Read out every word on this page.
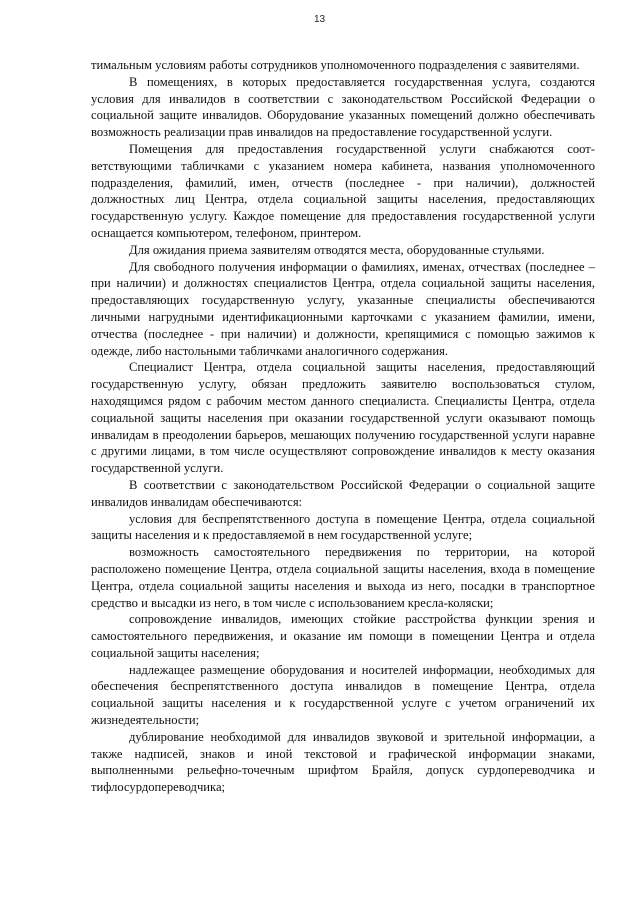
13

тимальным условиям работы сотрудников уполномоченного подразделения с заявителями.

В помещениях, в которых предоставляется государственная услуга, создаются условия для инвалидов в соответствии с законодательством Российской Федерации о социальной защите инвалидов. Оборудование указанных помещений должно обеспечивать возможность реализации прав инвалидов на предоставление государственной услуги.

Помещения для предоставления государственной услуги снабжаются соответствующими табличками с указанием номера кабинета, названия уполномоченного подразделения, фамилий, имен, отчеств (последнее - при наличии), должностей должностных лиц Центра, отдела социальной защиты населения, предоставляющих государственную услугу. Каждое помещение для предоставления государственной услуги оснащается компьютером, телефоном, принтером.

Для ожидания приема заявителям отводятся места, оборудованные стульями.

Для свободного получения информации о фамилиях, именах, отчествах (последнее – при наличии) и должностях специалистов Центра, отдела социальной защиты населения, предоставляющих государственную услугу, указанные специалисты обеспечиваются личными нагрудными идентификационными карточками с указанием фамилии, имени, отчества (последнее - при наличии) и должности, крепящимися с помощью зажимов к одежде, либо настольными табличками аналогичного содержания.

Специалист Центра, отдела социальной защиты населения, предоставляющий государственную услугу, обязан предложить заявителю воспользоваться стулом, находящимся рядом с рабочим местом данного специалиста. Специалисты Центра, отдела социальной защиты населения при оказании государственной услуги оказывают помощь инвалидам в преодолении барьеров, мешающих получению государственной услуги наравне с другими лицами, в том числе осуществляют сопровождение инвалидов к месту оказания государственной услуги.

В соответствии с законодательством Российской Федерации о социальной защите инвалидов инвалидам обеспечиваются:

условия для беспрепятственного доступа в помещение Центра, отдела социальной защиты населения и к предоставляемой в нем государственной услуге;

возможность самостоятельного передвижения по территории, на которой расположено помещение Центра, отдела социальной защиты населения, входа в помещение Центра, отдела социальной защиты населения и выхода из него, посадки в транспортное средство и высадки из него, в том числе с использованием кресла-коляски;

сопровождение инвалидов, имеющих стойкие расстройства функции зрения и самостоятельного передвижения, и оказание им помощи в помещении Центра и отдела социальной защиты населения;

надлежащее размещение оборудования и носителей информации, необходимых для обеспечения беспрепятственного доступа инвалидов в помещение Центра, отдела социальной защиты населения и к государственной услуге с учетом ограничений их жизнедеятельности;

дублирование необходимой для инвалидов звуковой и зрительной информации, а также надписей, знаков и иной текстовой и графической информации знаками, выполненными рельефно-точечным шрифтом Брайля, допуск сурдопереводчика и тифлосурдопереводчика;
